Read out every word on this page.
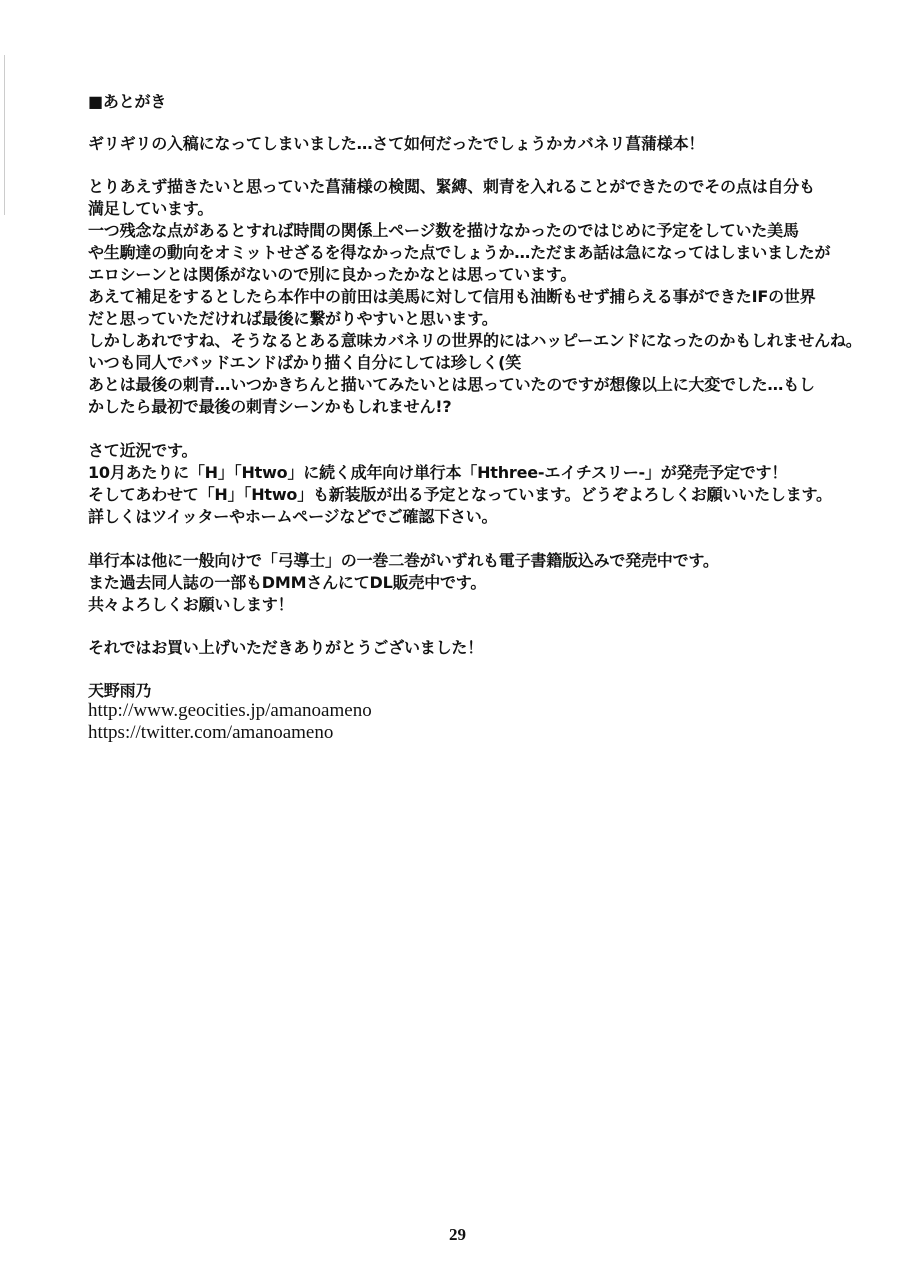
■あとがき
ギリギリの入稿になってしまいました…さて如何だったでしょうかカバネリ菖蒲様本！
とりあえず描きたいと思っていた菖蒲様の検閲、緊縛、刺青を入れることができたのでその点は自分も
満足しています。
一つ残念な点があるとすれば時間の関係上ページ数を描けなかったのではじめに予定をしていた美馬
や生駒達の動向をオミットせざるを得なかった点でしょうか…ただまあ話は急になってはしまいましたが
エロシーンとは関係がないので別に良かったかなとは思っています。
あえて補足をするとしたら本作中の前田は美馬に対して信用も油断もせず捕らえる事ができたIFの世界
だと思っていただければ最後に繋がりやすいと思います。
しかしあれですね、そうなるとある意味カバネリの世界的にはハッピーエンドになったのかもしれませんね。
いつも同人でバッドエンドばかり描く自分にしては珍しく(笑
あとは最後の刺青…いつかきちんと描いてみたいとは思っていたのですが想像以上に大変でした…もし
かしたら最初で最後の刺青シーンかもしれません!?
さて近況です。
10月あたりに「H」「Htwo」に続く成年向け単行本「Hthree-エイチスリー-」が発売予定です！
そしてあわせて「H」「Htwo」も新装版が出る予定となっています。どうぞよろしくお願いいたします。
詳しくはツイッターやホームページなどでご確認下さい。
単行本は他に一般向けで「弓導士」の一巻二巻がいずれも電子書籍版込みで発売中です。
また過去同人誌の一部もDMMさんにてDL販売中です。
共々よろしくお願いします！
それではお買い上げいただきありがとうございました！
天野雨乃
http://www.geocities.jp/amanoameno
https://twitter.com/amanoameno
29
